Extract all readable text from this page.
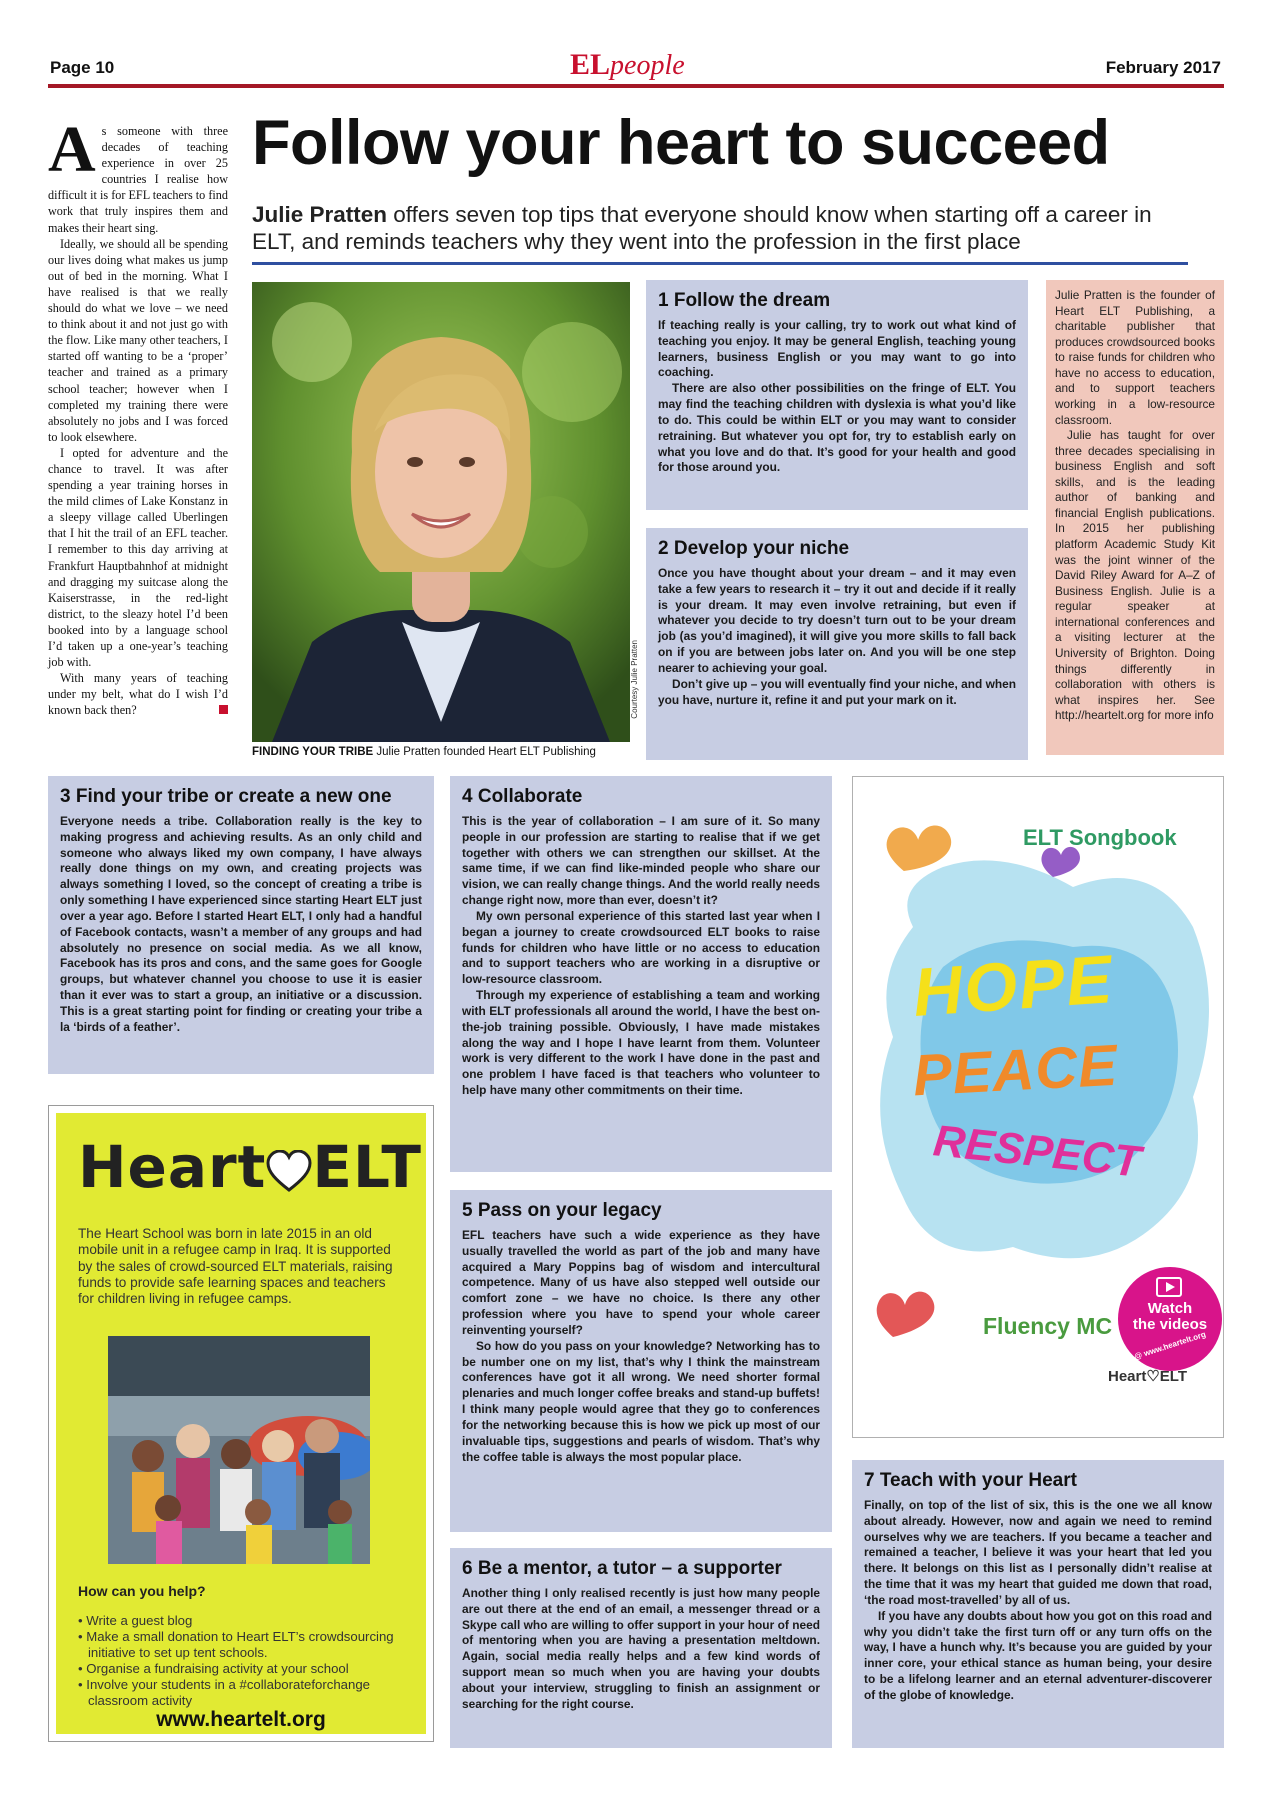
Page 10	ELpeople	February 2017

As someone with three decades of teaching experience in over 25 countries I realise how difficult it is for EFL teachers to find work that truly inspires them and makes their heart sing.

Ideally, we should all be spending our lives doing what makes us jump out of bed in the morning. What I have realised is that we really should do what we love – we need to think about it and not just go with the flow. Like many other teachers, I started off wanting to be a ‘proper’ teacher and trained as a primary school teacher; however when I completed my training there were absolutely no jobs and I was forced to look elsewhere.

I opted for adventure and the chance to travel. It was after spending a year training horses in the mild climes of Lake Konstanz in a sleepy village called Uberlingen that I hit the trail of an EFL teacher. I remember to this day arriving at Frankfurt Hauptbahnhof at midnight and dragging my suitcase along the Kaiserstrasse, in the red-light district, to the sleazy hotel I’d been booked into by a language school I’d taken up a one-year’s teaching job with.

With many years of teaching under my belt, what do I wish I’d known back then?

Follow your heart to succeed
Julie Pratten offers seven top tips that everyone should know when starting off a career in ELT, and reminds teachers why they went into the profession in the first place
Courtesy Julie Pratten
FINDING YOUR TRIBE Julie Pratten founded Heart ELT Publishing
1 Follow the dream

If teaching really is your calling, try to work out what kind of teaching you enjoy. It may be general English, teaching young learners, business English or you may want to go into coaching.

There are also other possibilities on the fringe of ELT. You may find the teaching children with dyslexia is what you’d like to do. This could be within ELT or you may want to consider retraining. But whatever you opt for, try to establish early on what you love and do that. It’s good for your health and good for those around you.

2 Develop your niche

Once you have thought about your dream – and it may even take a few years to research it – try it out and decide if it really is your dream. It may even involve retraining, but even if whatever you decide to try doesn’t turn out to be your dream job (as you’d imagined), it will give you more skills to fall back on if you are between jobs later on. And you will be one step nearer to achieving your goal.

Don’t give up – you will eventually find your niche, and when you have, nurture it, refine it and put your mark on it.

Julie Pratten is the founder of Heart ELT Publishing, a charitable publisher that produces crowdsourced books to raise funds for children who have no access to education, and to support teachers working in a low-resource classroom.

Julie has taught for over three decades specialising in business English and soft skills, and is the leading author of banking and financial English publications. In 2015 her publishing platform Academic Study Kit was the joint winner of the David Riley Award for A–Z of Business English. Julie is a regular speaker at international conferences and a visiting lecturer at the University of Brighton. Doing things differently in collaboration with others is what inspires her. See http://heartelt.org for more info

3 Find your tribe or create a new one

Everyone needs a tribe. Collaboration really is the key to making progress and achieving results. As an only child and someone who always liked my own company, I have always really done things on my own, and creating projects was always something I loved, so the concept of creating a tribe is only something I have experienced since starting Heart ELT just over a year ago. Before I started Heart ELT, I only had a handful of Facebook contacts, wasn’t a member of any groups and had absolutely no presence on social media. As we all know, Facebook has its pros and cons, and the same goes for Google groups, but whatever channel you choose to use it is easier than it ever was to start a group, an initiative or a discussion. This is a great starting point for finding or creating your tribe a la ‘birds of a feather’.

4 Collaborate

This is the year of collaboration – I am sure of it. So many people in our profession are starting to realise that if we get together with others we can strengthen our skillset. At the same time, if we can find like-minded people who share our vision, we can really change things. And the world really needs change right now, more than ever, doesn’t it?

My own personal experience of this started last year when I began a journey to create crowdsourced ELT books to raise funds for children who have little or no access to education and to support teachers who are working in a disruptive or low-resource classroom.

Through my experience of establishing a team and working with ELT professionals all around the world, I have the best on-the-job training possible. Obviously, I have made mistakes along the way and I hope I have learnt from them. Volunteer work is very different to the work I have done in the past and one problem I have faced is that teachers who volunteer to help have many other commitments on their time.

5 Pass on your legacy

EFL teachers have such a wide experience as they have usually travelled the world as part of the job and many have acquired a Mary Poppins bag of wisdom and intercultural competence. Many of us have also stepped well outside our comfort zone – we have no choice. Is there any other profession where you have to spend your whole career reinventing yourself?

So how do you pass on your knowledge? Networking has to be number one on my list, that’s why I think the mainstream conferences have got it all wrong. We need shorter formal plenaries and much longer coffee breaks and stand-up buffets! I think many people would agree that they go to conferences for the networking because this is how we pick up most of our invaluable tips, suggestions and pearls of wisdom. That’s why the coffee table is always the most popular place.

6 Be a mentor, a tutor – a supporter

Another thing I only realised recently is just how many people are out there at the end of an email, a messenger thread or a Skype call who are willing to offer support in your hour of need of mentoring when you are having a presentation meltdown. Again, social media really helps and a few kind words of support mean so much when you are having your doubts about your interview, struggling to finish an assignment or searching for the right course.

7 Teach with your Heart

Finally, on top of the list of six, this is the one we all know about already. However, now and again we need to remind ourselves why we are teachers. If you became a teacher and remained a teacher, I believe it was your heart that led you there. It belongs on this list as I personally didn’t realise at the time that it was my heart that guided me down that road, ‘the road most-travelled’ by all of us.

If you have any doubts about how you got on this road and why you didn’t take the first turn off or any turn offs on the way, I have a hunch why. It’s because you are guided by your inner core, your ethical stance as human being, your desire to be a lifelong learner and an eternal adventurer-discoverer of the globe of knowledge.

Heart ELT
The Heart School was born in late 2015 in an old mobile unit in a refugee camp in Iraq. It is supported by the sales of crowd-sourced ELT materials, raising funds to provide safe learning spaces and teachers for children living in refugee camps.
How can you help?
• Write a guest blog
• Make a small donation to Heart ELT’s crowdsourcing initiative to set up tent schools.
• Organise a fundraising activity at your school
• Involve your students in a #collaborateforchange classroom activity
www.heartelt.org
ELT Songbook
HOPE
PEACE
RESPECT
Fluency MC
Watch
the videos
@ www.heartelt.org
Heart♡ELT
